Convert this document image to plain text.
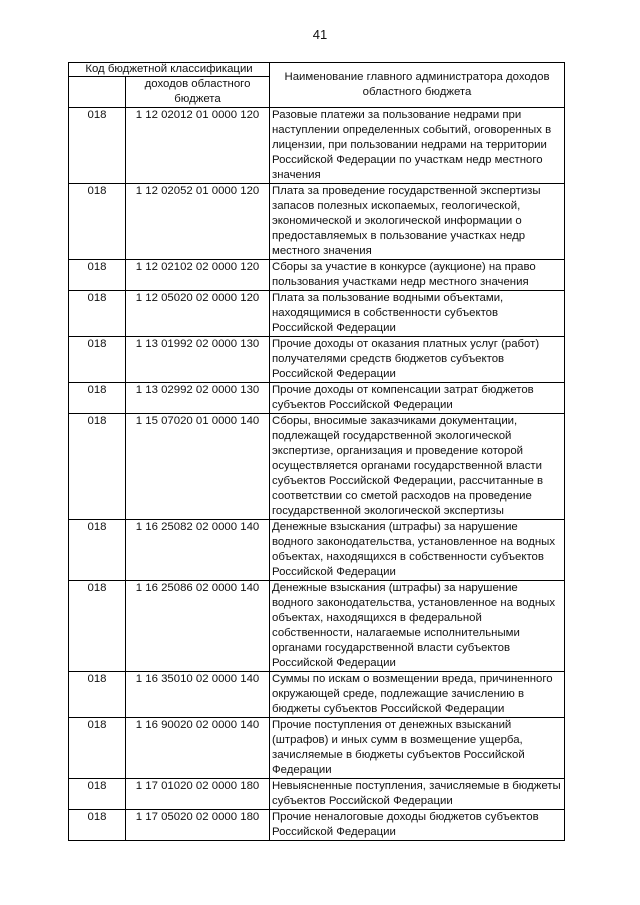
41
Код бюджетной классификации		Наименование главного администратора доходов областного бюджета
	доходов областного бюджета	
018	1 12 02012 01 0000 120	Разовые платежи за пользование недрами при наступлении определенных событий, оговоренных в лицензии, при пользовании недрами на территории Российской Федерации по участкам недр местного значения
018	1 12 02052 01 0000 120	Плата за проведение государственной экспертизы запасов полезных ископаемых, геологической, экономической и экологической информации о предоставляемых в пользование участках недр местного значения
018	1 12 02102 02 0000 120	Сборы за участие в конкурсе (аукционе) на право пользования участками недр местного значения
018	1 12 05020 02 0000 120	Плата за пользование водными объектами, находящимися в собственности субъектов Российской Федерации
018	1 13 01992 02 0000 130	Прочие доходы от оказания платных услуг (работ) получателями средств бюджетов субъектов Российской Федерации
018	1 13 02992 02 0000 130	Прочие доходы от компенсации затрат бюджетов субъектов Российской Федерации
018	1 15 07020 01 0000 140	Сборы, вносимые заказчиками документации, подлежащей государственной экологической экспертизе, организация и проведение которой осуществляется органами государственной власти субъектов Российской Федерации, рассчитанные в соответствии со сметой расходов на проведение государственной экологической экспертизы
018	1 16 25082 02 0000 140	Денежные взыскания (штрафы) за нарушение водного законодательства, установленное на водных объектах, находящихся в собственности субъектов Российской Федерации
018	1 16 25086 02 0000 140	Денежные взыскания (штрафы) за нарушение водного законодательства, установленное на водных объектах, находящихся в федеральной собственности, налагаемые исполнительными органами государственной власти субъектов Российской Федерации
018	1 16 35010 02 0000 140	Суммы по искам о возмещении вреда, причиненного окружающей среде, подлежащие зачислению в бюджеты субъектов Российской Федерации
018	1 16 90020 02 0000 140	Прочие поступления от денежных взысканий (штрафов) и иных сумм в возмещение ущерба, зачисляемые в бюджеты субъектов Российской Федерации
018	1 17 01020 02 0000 180	Невыясненные поступления, зачисляемые в бюджеты субъектов Российской Федерации
018	1 17 05020 02 0000 180	Прочие неналоговые доходы бюджетов субъектов Российской Федерации
